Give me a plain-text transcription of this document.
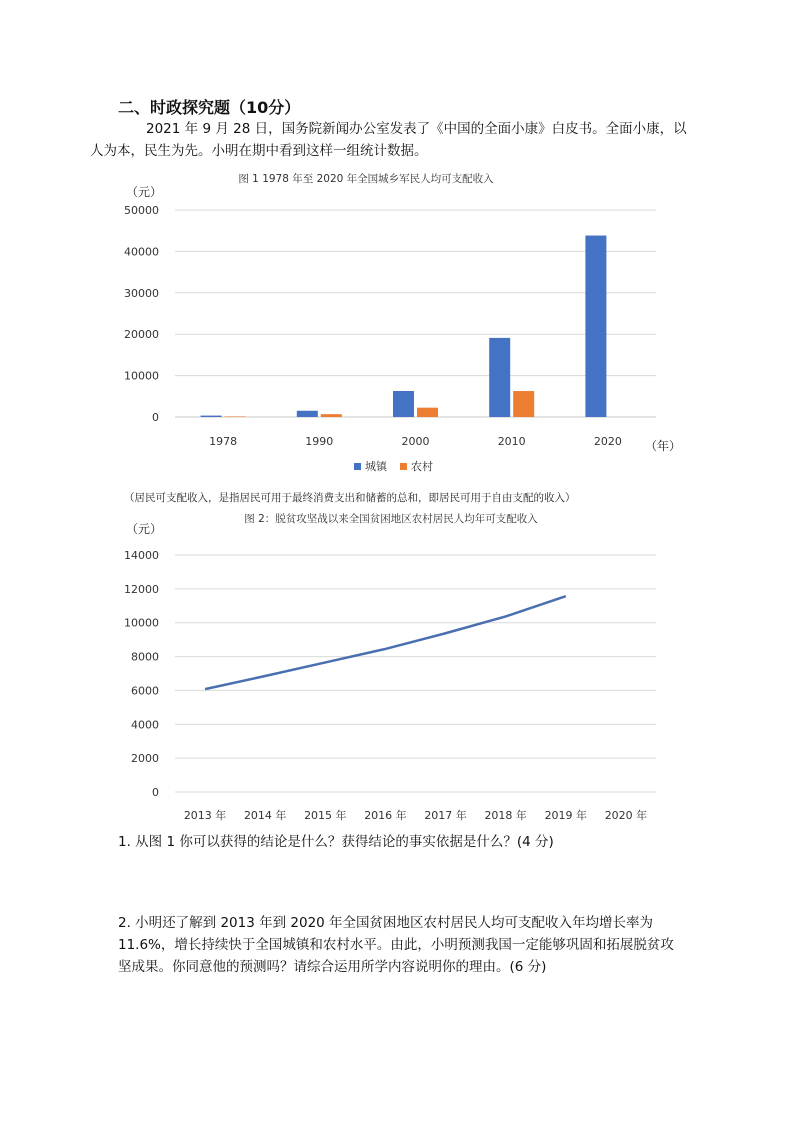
二、时政探究题（10分）
2021 年 9 月 28 日，国务院新闻办公室发表了《中国的全面小康》白皮书。全面小康，以
人为本，民生为先。小明在期中看到这样一组统计数据。
图 1 1978 年至 2020 年全国城乡军民人均可支配收入
（元）
0
10000
20000
30000
40000
50000
1978	1990	2000	2010	2020 （年）
城镇 农村
（居民可支配收入，是指居民可用于最终消费支出和储蓄的总和，即居民可用于自由支配的收入）
图 2：脱贫攻坚战以来全国贫困地区农村居民人均年可支配收入
（元）
0
2000
4000
6000
8000
10000
12000
14000
2013 年 2014 年 2015 年 2016 年 2017 年 2018 年 2019 年 2020 年
1. 从图 1 你可以获得的结论是什么？获得结论的事实依据是什么？(4 分)
2. 小明还了解到 2013 年到 2020 年全国贫困地区农村居民人均可支配收入年均增长率为
11.6%，增长持续快于全国城镇和农村水平。由此，小明预测我国一定能够巩固和拓展脱贫攻
坚成果。你同意他的预测吗？请综合运用所学内容说明你的理由。(6 分)
